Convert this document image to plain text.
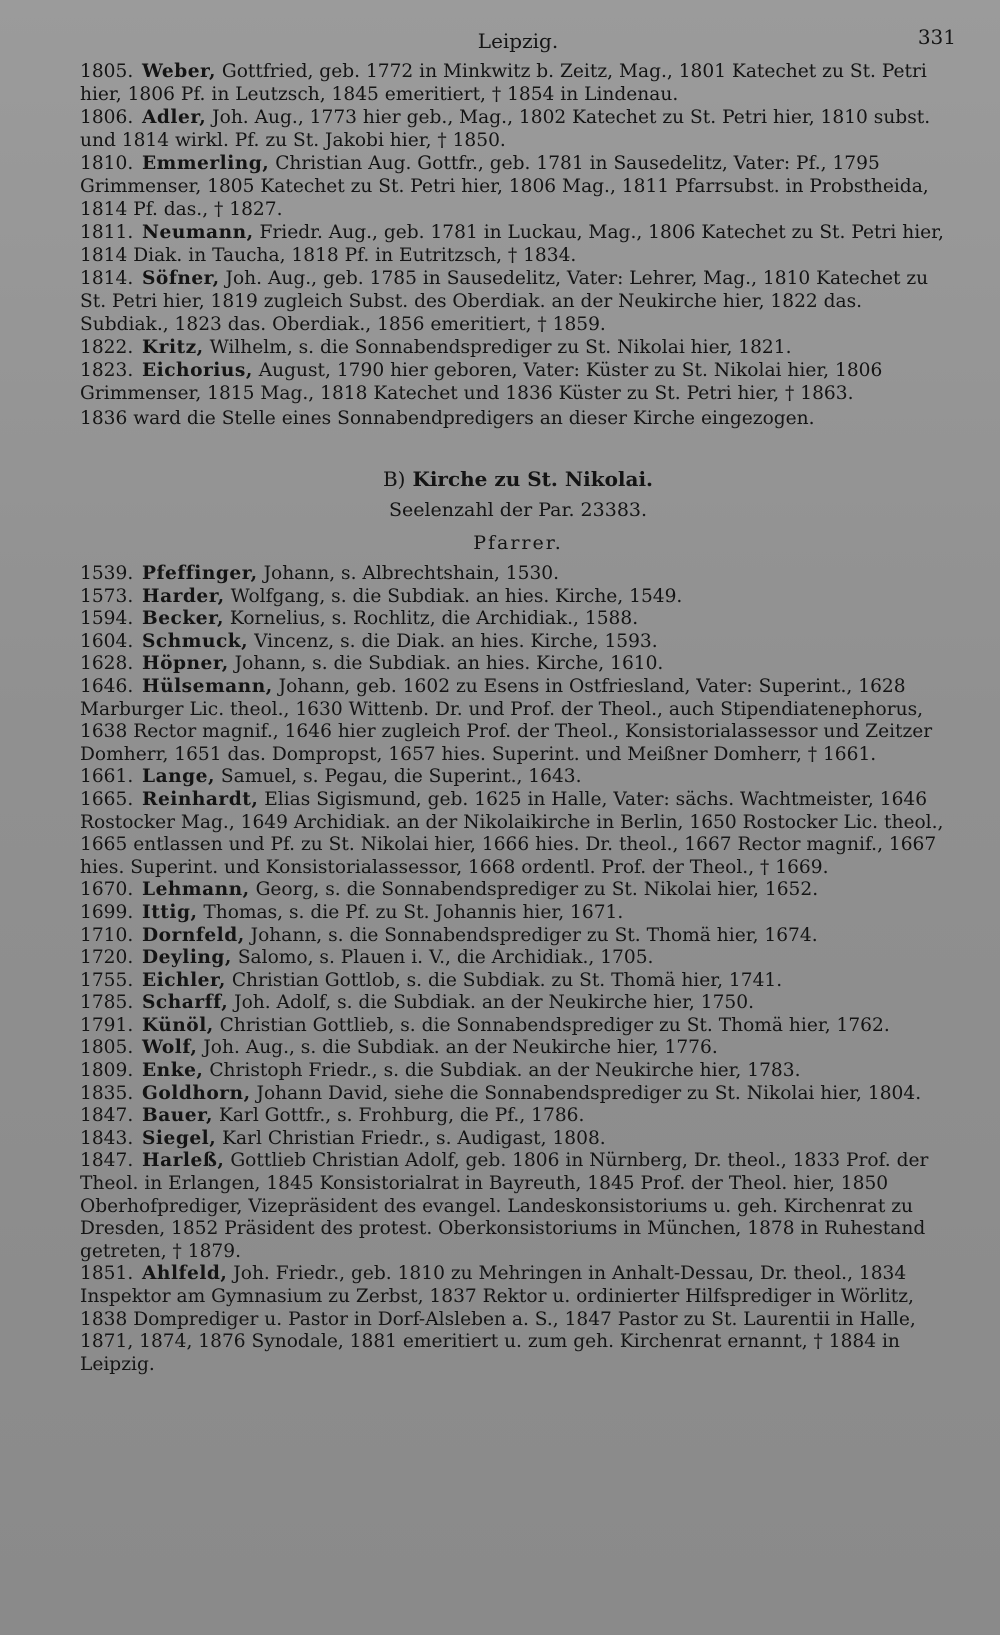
Leipzig.	331
1805. Weber, Gottfried, geb. 1772 in Minkwitz b. Zeitz, Mag., 1801 Katechet zu St. Petri hier, 1806 Pf. in Leutzsch, 1845 emeritiert, † 1854 in Lindenau.
1806. Adler, Joh. Aug., 1773 hier geb., Mag., 1802 Katechet zu St. Petri hier, 1810 subst. und 1814 wirkl. Pf. zu St. Jakobi hier, † 1850.
1810. Emmerling, Christian Aug. Gottfr., geb. 1781 in Sausedelitz, Vater: Pf., 1795 Grimmenser, 1805 Katechet zu St. Petri hier, 1806 Mag., 1811 Pfarrsubst. in Probstheida, 1814 Pf. das., † 1827.
1811. Neumann, Friedr. Aug., geb. 1781 in Luckau, Mag., 1806 Katechet zu St. Petri hier, 1814 Diak. in Taucha, 1818 Pf. in Eutritzsch, † 1834.
1814. Söfner, Joh. Aug., geb. 1785 in Sausedelitz, Vater: Lehrer, Mag., 1810 Katechet zu St. Petri hier, 1819 zugleich Subst. des Oberdiak. an der Neukirche hier, 1822 das. Subdiak., 1823 das. Oberdiak., 1856 emeritiert, † 1859.
1822. Kritz, Wilhelm, s. die Sonnabendsprediger zu St. Nikolai hier, 1821.
1823. Eichorius, August, 1790 hier geboren, Vater: Küster zu St. Nikolai hier, 1806 Grimmenser, 1815 Mag., 1818 Katechet und 1836 Küster zu St. Petri hier, † 1863.
1836 ward die Stelle eines Sonnabendpredigers an dieser Kirche eingezogen.
B) Kirche zu St. Nikolai.
Seelenzahl der Par. 23383.
Pfarrer.
1539. Pfeffinger, Johann, s. Albrechtshain, 1530.
1573. Harder, Wolfgang, s. die Subdiak. an hies. Kirche, 1549.
1594. Becker, Kornelius, s. Rochlitz, die Archidiak., 1588.
1604. Schmuck, Vincenz, s. die Diak. an hies. Kirche, 1593.
1628. Höpner, Johann, s. die Subdiak. an hies. Kirche, 1610.
1646. Hülsemann, Johann, geb. 1602 zu Esens in Ostfriesland, Vater: Superint., 1628 Marburger Lic. theol., 1630 Wittenb. Dr. und Prof. der Theol., auch Stipendiatenephorus, 1638 Rector magnif., 1646 hier zugleich Prof. der Theol., Konsistorialassessor und Zeitzer Domherr, 1651 das. Dompropst, 1657 hies. Superint. und Meißner Domherr, † 1661.
1661. Lange, Samuel, s. Pegau, die Superint., 1643.
1665. Reinhardt, Elias Sigismund, geb. 1625 in Halle, Vater: sächs. Wachtmeister, 1646 Rostocker Mag., 1649 Archidiak. an der Nikolaikirche in Berlin, 1650 Rostocker Lic. theol., 1665 entlassen und Pf. zu St. Nikolai hier, 1666 hies. Dr. theol., 1667 Rector magnif., 1667 hies. Superint. und Konsistorialassessor, 1668 ordentl. Prof. der Theol., † 1669.
1670. Lehmann, Georg, s. die Sonnabendsprediger zu St. Nikolai hier, 1652.
1699. Ittig, Thomas, s. die Pf. zu St. Johannis hier, 1671.
1710. Dornfeld, Johann, s. die Sonnabendsprediger zu St. Thomä hier, 1674.
1720. Deyling, Salomo, s. Plauen i. V., die Archidiak., 1705.
1755. Eichler, Christian Gottlob, s. die Subdiak. zu St. Thomä hier, 1741.
1785. Scharff, Joh. Adolf, s. die Subdiak. an der Neukirche hier, 1750.
1791. Künöl, Christian Gottlieb, s. die Sonnabendsprediger zu St. Thomä hier, 1762.
1805. Wolf, Joh. Aug., s. die Subdiak. an der Neukirche hier, 1776.
1809. Enke, Christoph Friedr., s. die Subdiak. an der Neukirche hier, 1783.
1835. Goldhorn, Johann David, siehe die Sonnabendsprediger zu St. Nikolai hier, 1804.
1847. Bauer, Karl Gottfr., s. Frohburg, die Pf., 1786.
1843. Siegel, Karl Christian Friedr., s. Audigast, 1808.
1847. Harleß, Gottlieb Christian Adolf, geb. 1806 in Nürnberg, Dr. theol., 1833 Prof. der Theol. in Erlangen, 1845 Konsistorialrat in Bayreuth, 1845 Prof. der Theol. hier, 1850 Oberhofprediger, Vizepräsident des evangel. Landeskonsistoriums u. geh. Kirchenrat zu Dresden, 1852 Präsident des protest. Oberkonsistoriums in München, 1878 in Ruhestand getreten, † 1879.
1851. Ahlfeld, Joh. Friedr., geb. 1810 zu Mehringen in Anhalt-Dessau, Dr. theol., 1834 Inspektor am Gymnasium zu Zerbst, 1837 Rektor u. ordinierter Hilfsprediger in Wörlitz, 1838 Domprediger u. Pastor in Dorf-Alsleben a. S., 1847 Pastor zu St. Laurentii in Halle, 1871, 1874, 1876 Synodale, 1881 emeritiert u. zum geh. Kirchenrat ernannt, † 1884 in Leipzig.
